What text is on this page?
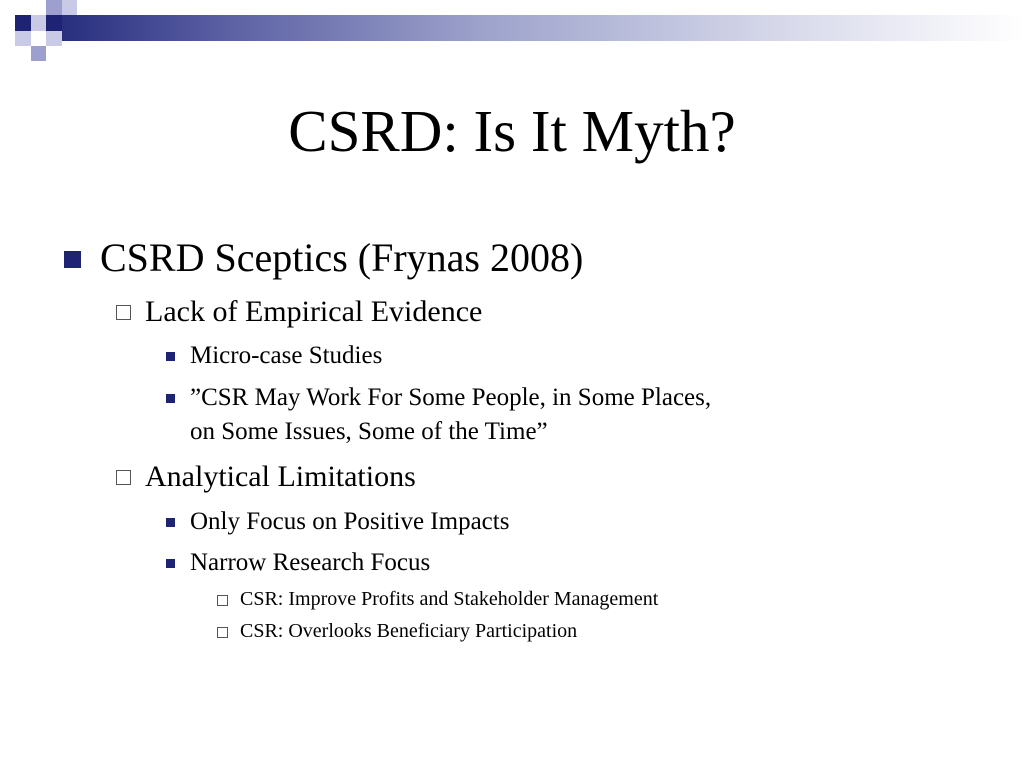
CSRD: Is It Myth?
CSRD Sceptics (Frynas 2008)
Lack of Empirical Evidence
Micro-case Studies
”CSR May Work For Some People, in Some Places,
on Some Issues, Some of the Time”
Analytical Limitations
Only Focus on Positive Impacts
Narrow Research Focus
CSR: Improve Profits and Stakeholder Management
CSR: Overlooks Beneficiary Participation
